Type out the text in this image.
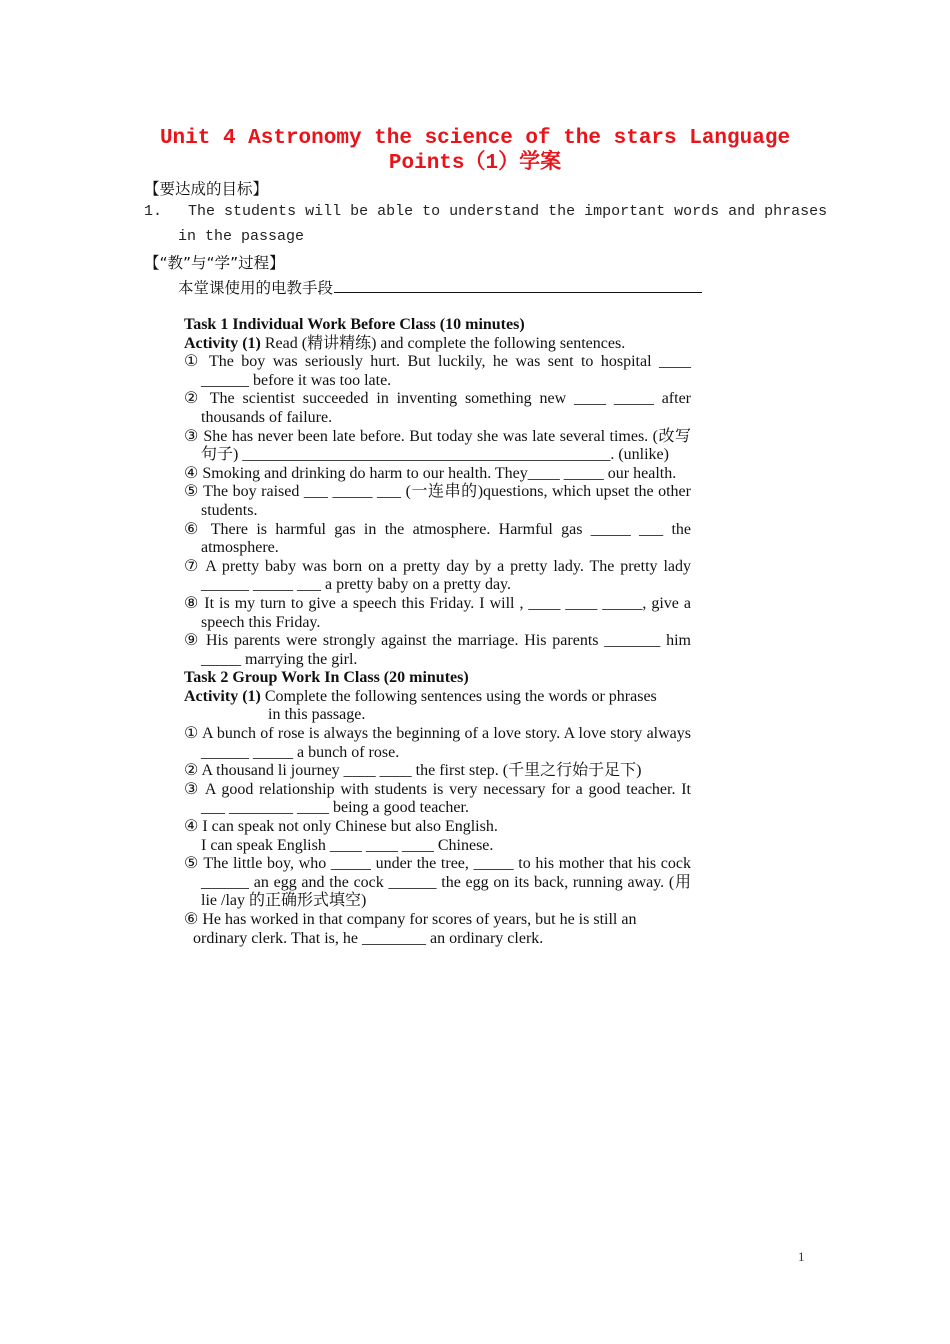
Unit 4 Astronomy the science of the stars Language

Points（1）学案

【要达成的目标】
1. The students will be able to understand the important words and phrases
in the passage
【“教”与“学”过程】
本堂课使用的电教手段

Task 1 Individual Work Before Class (10 minutes)

Activity (1) Read (精讲精练) and complete the following sentences.

① The boy was seriously hurt. But luckily, he was sent to hospital ____ ______ before it was too late.

② The scientist succeeded in inventing something new ____ _____ after thousands of failure.

③ She has never been late before. But today she was late several times. (改写句子) ______________________________________________. (unlike)

④ Smoking and drinking do harm to our health. They____ _____ our health.

⑤ The boy raised ___ _____ ___ (一连串的)questions, which upset the other students.

⑥ There is harmful gas in the atmosphere. Harmful gas _____ ___ the atmosphere.

⑦ A pretty baby was born on a pretty day by a pretty lady. The pretty lady ______ _____ ___ a pretty baby on a pretty day.

⑧ It is my turn to give a speech this Friday. I will , ____ ____ _____, give a speech this Friday.

⑨ His parents were strongly against the marriage. His parents _______ him _____ marrying the girl.

Task 2 Group Work In Class (20 minutes)

Activity (1) Complete the following sentences using the words or phrases

in this passage.

① A bunch of rose is always the beginning of a love story. A love story always ______ _____ a bunch of rose.

② A thousand li journey ____ ____ the first step. (千里之行始于足下)

③ A good relationship with students is very necessary for a good teacher. It ___ ________ ____ being a good teacher.

④ I can speak not only Chinese but also English.

I can speak English ____ ____ ____ Chinese.

⑤ The little boy, who _____ under the tree, _____ to his mother that his cock ______ an egg and the cock ______ the egg on its back, running away. (用 lie /lay 的正确形式填空)

⑥ He has worked in that company for scores of years, but he is still an ordinary clerk. That is, he ________ an ordinary clerk.

1
